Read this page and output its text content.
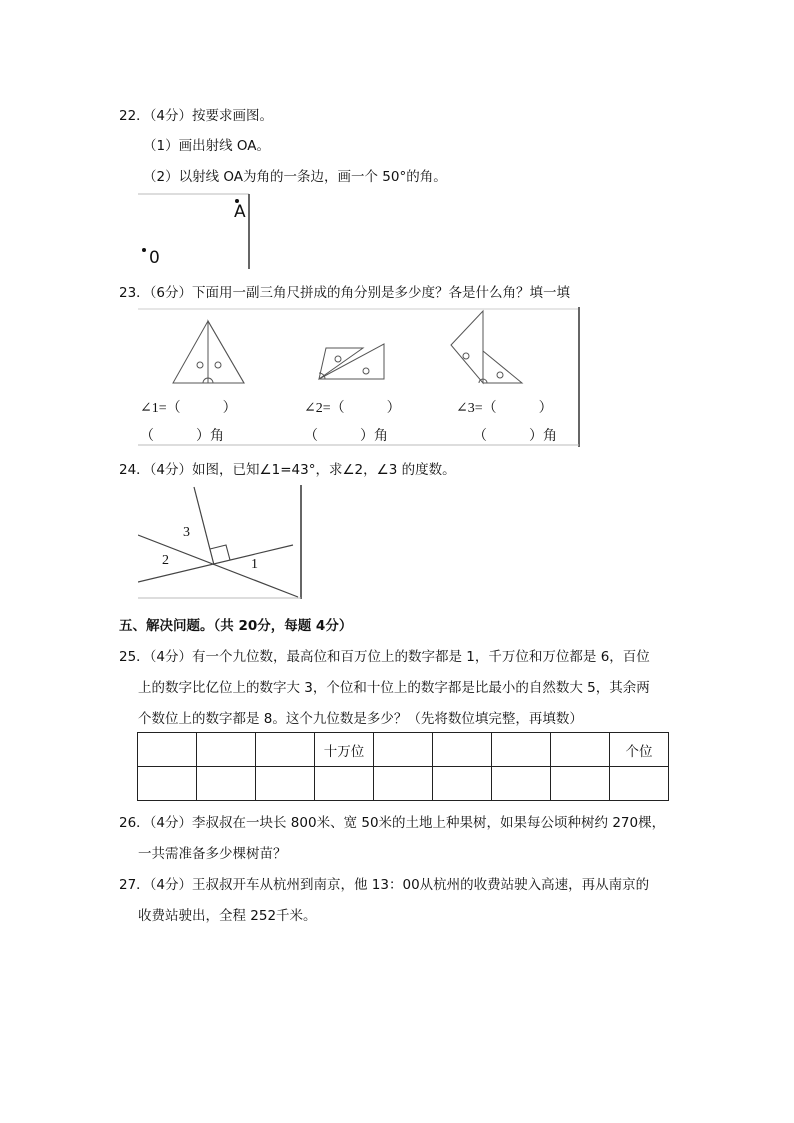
22．（4分）按要求画图。
（1）画出射线 OA。
（2）以射线 OA为角的一条边，画一个 50°的角。
A
0
23．（6分）下面用一副三角尺拼成的角分别是多少度？各是什么角？填一填
∠1=（　　　）	∠2=（　　　）	∠3=（　　　）
（　　　）角	（　　　）角	（　　　）角
24．（4分）如图，已知∠1=43°，求∠2，∠3 的度数。
3
2	1
五、解决问题。（共 20分，每题 4分）
25．（4分）有一个九位数，最高位和百万位上的数字都是 1，千万位和万位都是 6，百位
上的数字比亿位上的数字大 3，个位和十位上的数字都是比最小的自然数大 5，其余两
个数位上的数字都是 8。这个九位数是多少？（先将数位填完整，再填数）
			十万位					个位

26．（4分）李叔叔在一块长 800米、宽 50米的土地上种果树，如果每公顷种树约 270棵，
一共需准备多少棵树苗？
27．（4分）王叔叔开车从杭州到南京，他 13：00从杭州的收费站驶入高速，再从南京的
收费站驶出，全程 252千米。
